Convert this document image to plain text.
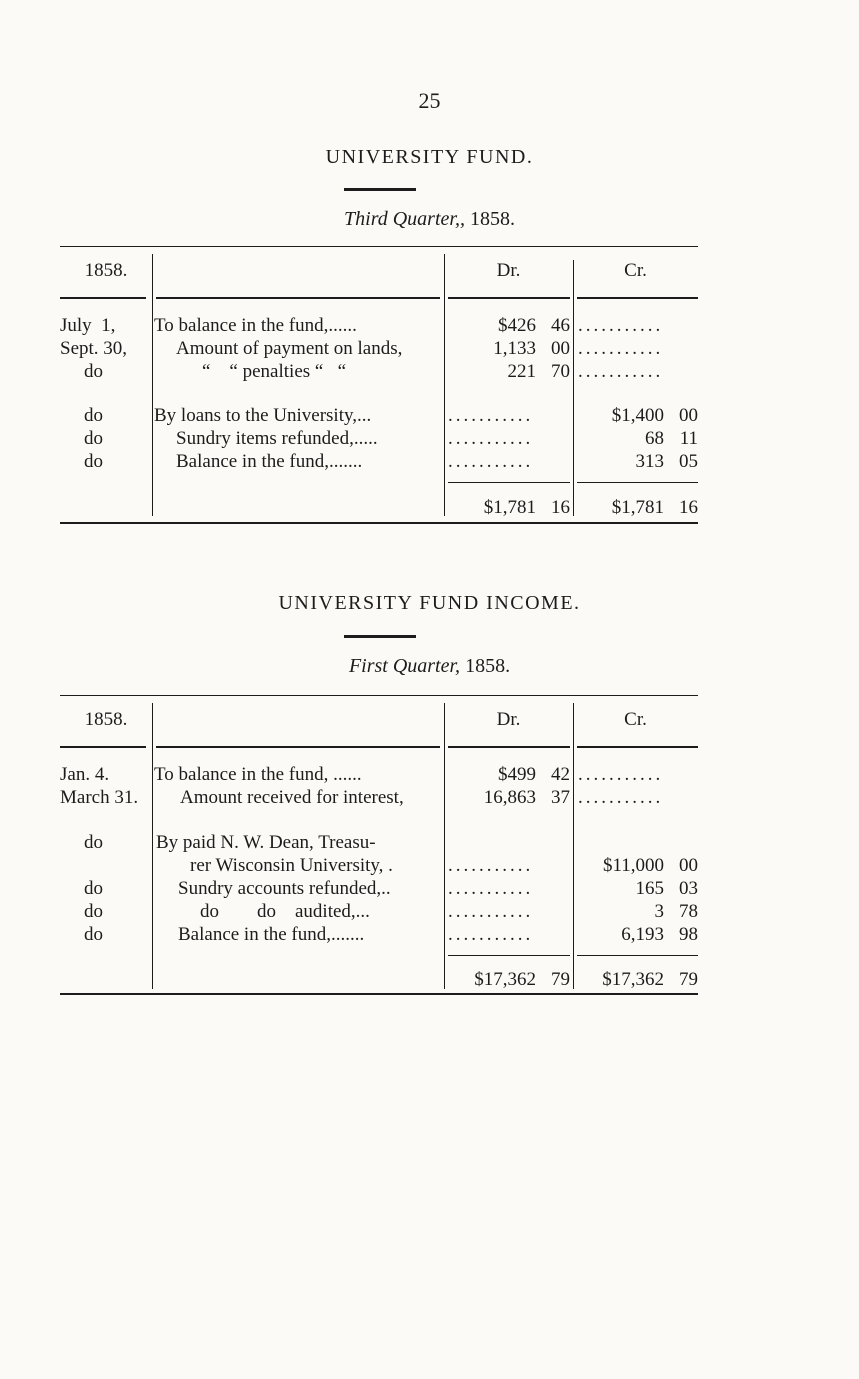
25
UNIVERSITY FUND.
Third Quarter,, 1858.
1858.	Dr.	Cr.
July  1, To balance in the fund,......	$426 46 ...........
Sept. 30,	Amount of payment on lands,	1,133 00 ...........
do	“    “ penalties “   “	221 70 ...........
do	By loans to the University,...	...........	$1,400 00
do	Sundry items refunded,.....	...........	68 11
do	Balance in the fund,.......	...........	313 05
$1,781 16	$1,781 16
UNIVERSITY FUND INCOME.
First Quarter, 1858.
1858.	Dr.	Cr.
Jan. 4. To balance in the fund, ......	$499 42 ...........
March 31. Amount received for interest,	16,863 37 ...........
do	By paid N. W. Dean, Treasu-
rer Wisconsin University, .	...........	$11,000 00
do	Sundry accounts refunded,..	...........	165 03
do	do        do    audited,...	...........	3 78
do	Balance in the fund,.......	...........	6,193 98
$17,362 79	$17,362 79
